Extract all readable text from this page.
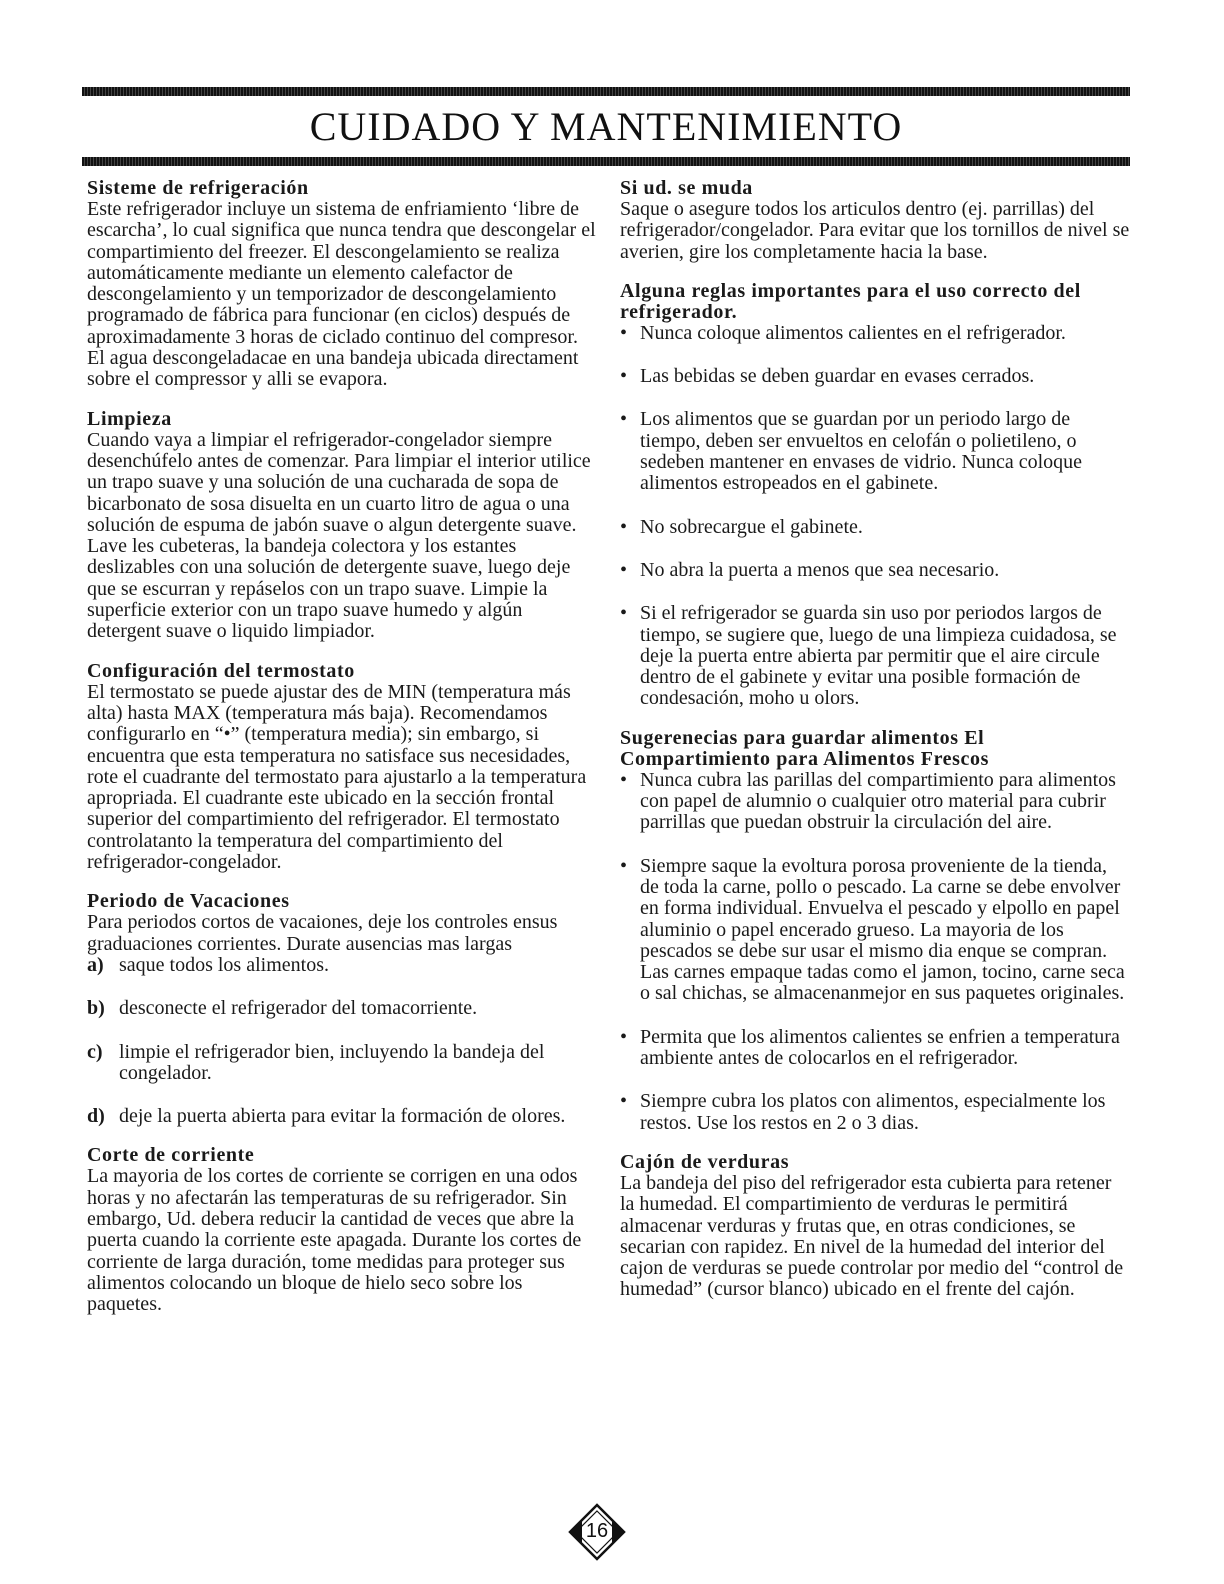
CUIDADO Y MANTENIMIENTO

Sisteme de refrigeración

Este refrigerador incluye un sistema de enfriamiento ‘libre de escarcha’, lo cual significa que nunca tendra que descongelar el compartimiento del freezer. El descongelamiento se realiza automáticamente mediante un elemento calefactor de descongelamiento y un temporizador de descongelamiento programado de fábrica para funcionar (en ciclos) después de aproximadamente 3 horas de ciclado continuo del compresor. El agua descongeladacae en una bandeja ubicada directament sobre el compressor y alli se evapora.

Limpieza

Cuando vaya a limpiar el refrigerador-congelador siempre desenchúfelo antes de comenzar. Para limpiar el interior utilice un trapo suave y una solución de una cucharada de sopa de bicarbonato de sosa disuelta en un cuarto litro de agua o una solución de espuma de jabón suave o algun detergente suave. Lave les cubeteras, la bandeja colectora y los estantes deslizables con una solución de detergente suave, luego deje que se escurran y repáselos con un trapo suave. Limpie la superficie exterior con un trapo suave humedo y algún detergent suave o liquido limpiador.

Configuración del termostato

El termostato se puede ajustar des de MIN (temperatura más alta) hasta MAX (temperatura más baja). Recomendamos configurarlo en “•” (temperatura media); sin embargo, si encuentra que esta temperatura no satisface sus necesidades, rote el cuadrante del termostato para ajustarlo a la temperatura apropriada. El cuadrante este ubicado en la sección frontal superior del compartimiento del refrigerador. El termostato controlatanto la temperatura del compartimiento del refrigerador-congelador.

Periodo de Vacaciones

Para periodos cortos de vacaiones, deje los controles ensus graduaciones corrientes. Durate ausencias mas largas

a) saque todos los alimentos.
b) desconecte el refrigerador del tomacorriente.
c) limpie el refrigerador bien, incluyendo la bandeja del congelador.
d) deje la puerta abierta para evitar la formación de olores.

Corte de corriente

La mayoria de los cortes de corriente se corrigen en una odos horas y no afectarán las temperaturas de su refrigerador. Sin embargo, Ud. debera reducir la cantidad de veces que abre la puerta cuando la corriente este apagada. Durante los cortes de corriente de larga duración, tome medidas para proteger sus alimentos colocando un bloque de hielo seco sobre los paquetes.

Si ud. se muda

Saque o asegure todos los articulos dentro (ej. parrillas) del refrigerador/congelador. Para evitar que los tornillos de nivel se averien, gire los completamente hacia la base.

Alguna reglas importantes para el uso correcto del refrigerador.

• Nunca coloque alimentos calientes en el refrigerador.
• Las bebidas se deben guardar en evases cerrados.
• Los alimentos que se guardan por un periodo largo de tiempo, deben ser envueltos en celofán o polietileno, o sedeben mantener en envases de vidrio. Nunca coloque alimentos estropeados en el gabinete.
• No sobrecargue el gabinete.
• No abra la puerta a menos que sea necesario.
• Si el refrigerador se guarda sin uso por periodos largos de tiempo, se sugiere que, luego de una limpieza cuidadosa, se deje la puerta entre abierta par permitir que el aire circule dentro de el gabinete y evitar una posible formación de condesación, moho u olors.

Sugerenecias para guardar alimentos El Compartimiento para Alimentos Frescos

• Nunca cubra las parillas del compartimiento para alimentos con papel de alumnio o cualquier otro material para cubrir parrillas que puedan obstruir la circulación del aire.
• Siempre saque la evoltura porosa proveniente de la tienda, de toda la carne, pollo o pescado. La carne se debe envolver en forma individual. Envuelva el pescado y elpollo en papel aluminio o papel encerado grueso. La mayoria de los pescados se debe sur usar el mismo dia enque se compran. Las carnes empaque tadas como el jamon, tocino, carne seca o sal chichas, se almacenanmejor en sus paquetes originales.
• Permita que los alimentos calientes se enfrien a temperatura ambiente antes de colocarlos en el refrigerador.
• Siempre cubra los platos con alimentos, especialmente los restos. Use los restos en 2 o 3 dias.

Cajón de verduras

La bandeja del piso del refrigerador esta cubierta para retener la humedad. El compartimiento de verduras le permitirá almacenar verduras y frutas que, en otras condiciones, se secarian con rapidez. En nivel de la humedad del interior del cajon de verduras se puede controlar por medio del “control de humedad” (cursor blanco) ubicado en el frente del cajón.

16
